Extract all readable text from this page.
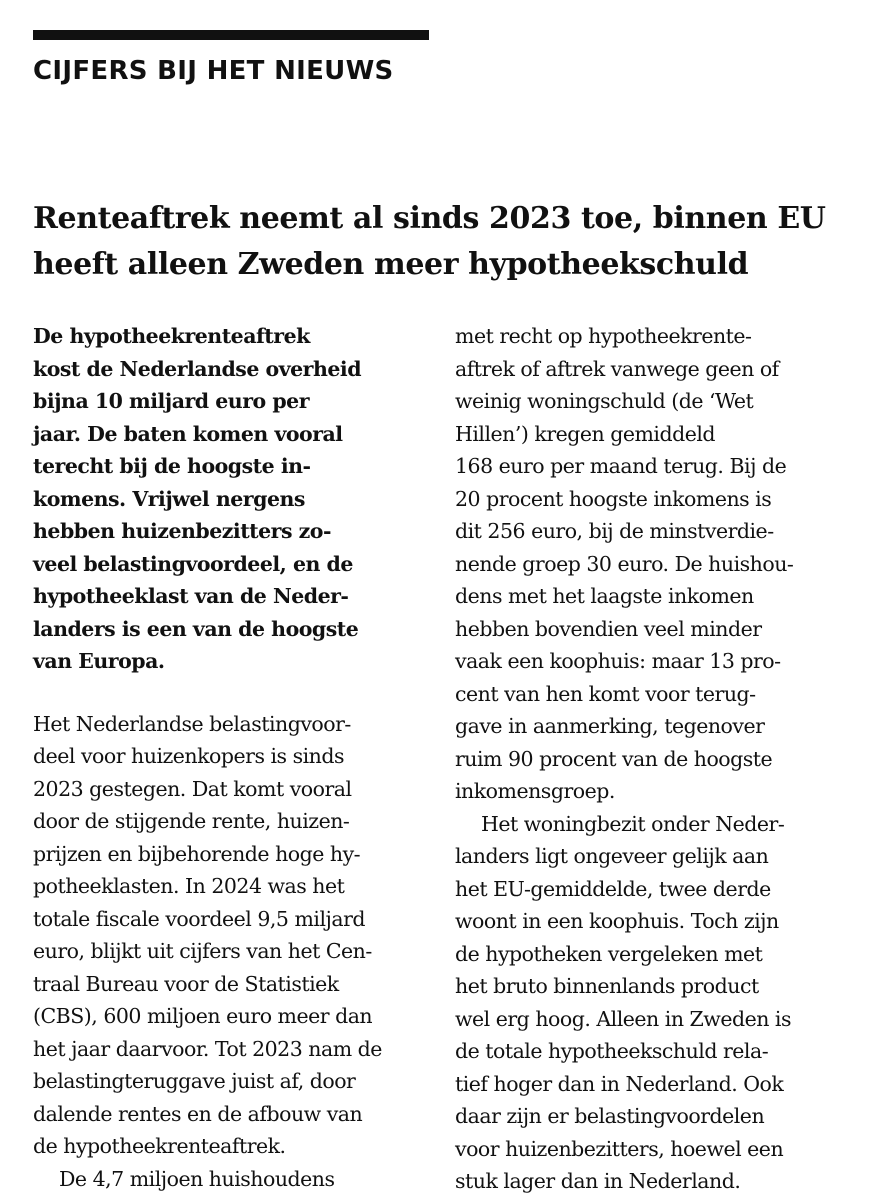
CIJFERS BIJ HET NIEUWS
Renteaftrek neemt al sinds 2023 toe, binnen EU
heeft alleen Zweden meer hypotheekschuld
De hypotheekrenteaftrek
kost de Nederlandse overheid
bijna 10 miljard euro per
jaar. De baten komen vooral
terecht bij de hoogste in-
komens. Vrijwel nergens
hebben huizenbezitters zo-
veel belastingvoordeel, en de
hypotheeklast van de Neder-
landers is een van de hoogste
van Europa.
Het Nederlandse belastingvoor-
deel voor huizenkopers is sinds
2023 gestegen. Dat komt vooral
door de stijgende rente, huizen-
prijzen en bijbehorende hoge hy-
potheeklasten. In 2024 was het
totale fiscale voordeel 9,5 miljard
euro, blijkt uit cijfers van het Cen-
traal Bureau voor de Statistiek
(CBS), 600 miljoen euro meer dan
het jaar daarvoor. Tot 2023 nam de
belastingteruggave juist af, door
dalende rentes en de afbouw van
de hypotheekrenteaftrek.
De 4,7 miljoen huishoudens
met recht op hypotheekrente-
aftrek of aftrek vanwege geen of
weinig woningschuld (de ‘Wet
Hillen’) kregen gemiddeld
168 euro per maand terug. Bij de
20 procent hoogste inkomens is
dit 256 euro, bij de minstverdie-
nende groep 30 euro. De huishou-
dens met het laagste inkomen
hebben bovendien veel minder
vaak een koophuis: maar 13 pro-
cent van hen komt voor terug-
gave in aanmerking, tegenover
ruim 90 procent van de hoogste
inkomensgroep.
Het woningbezit onder Neder-
landers ligt ongeveer gelijk aan
het EU-gemiddelde, twee derde
woont in een koophuis. Toch zijn
de hypotheken vergeleken met
het bruto binnenlands product
wel erg hoog. Alleen in Zweden is
de totale hypotheekschuld rela-
tief hoger dan in Nederland. Ook
daar zijn er belastingvoordelen
voor huizenbezitters, hoewel een
stuk lager dan in Nederland.
